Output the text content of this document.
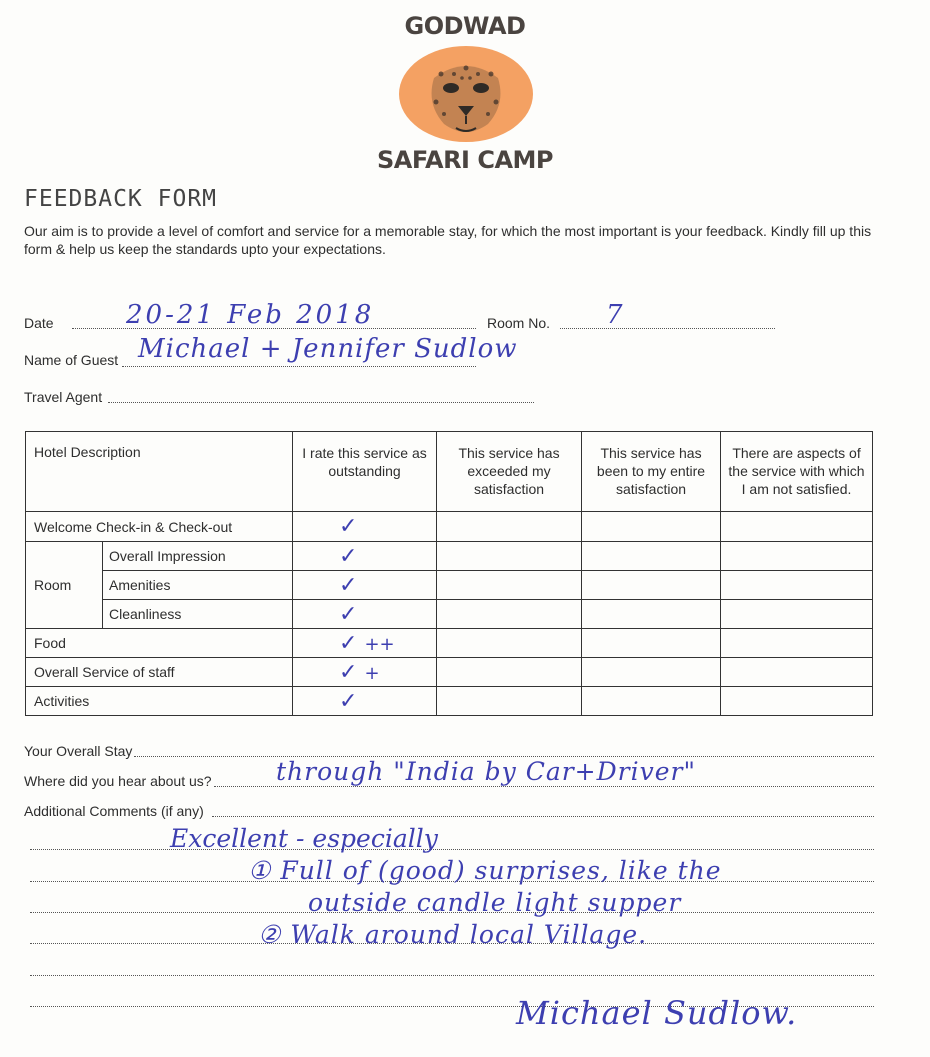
GODWAD
SAFARI CAMP
FEEDBACK FORM
Our aim is to provide a level of comfort and service for a memorable stay, for which the most important is your feedback. Kindly fill up this form & help us keep the standards upto your expectations.
Date	20-21 Feb 2018	Room No. 7
Name of Guest Michael + Jennifer Sudlow
Travel Agent
Hotel Description		I rate this service as outstanding	This service has exceeded my satisfaction	This service has been to my entire satisfaction	There are aspects of the service with which I am not satisfied.
Welcome Check-in & Check-out		✓			
Room	Overall Impression	✓			
	Amenities	✓			
	Cleanliness	✓			
Food		✓ ++			
Overall Service of staff		✓ +			
Activities		✓			
Your Overall Stay
Where did you hear about us?	through "India by Car+Driver"
Additional Comments (if any)
Excellent - especially
① Full of (good) surprises, like the
outside candle light supper
② Walk around local Village.
Michael Sudlow.
